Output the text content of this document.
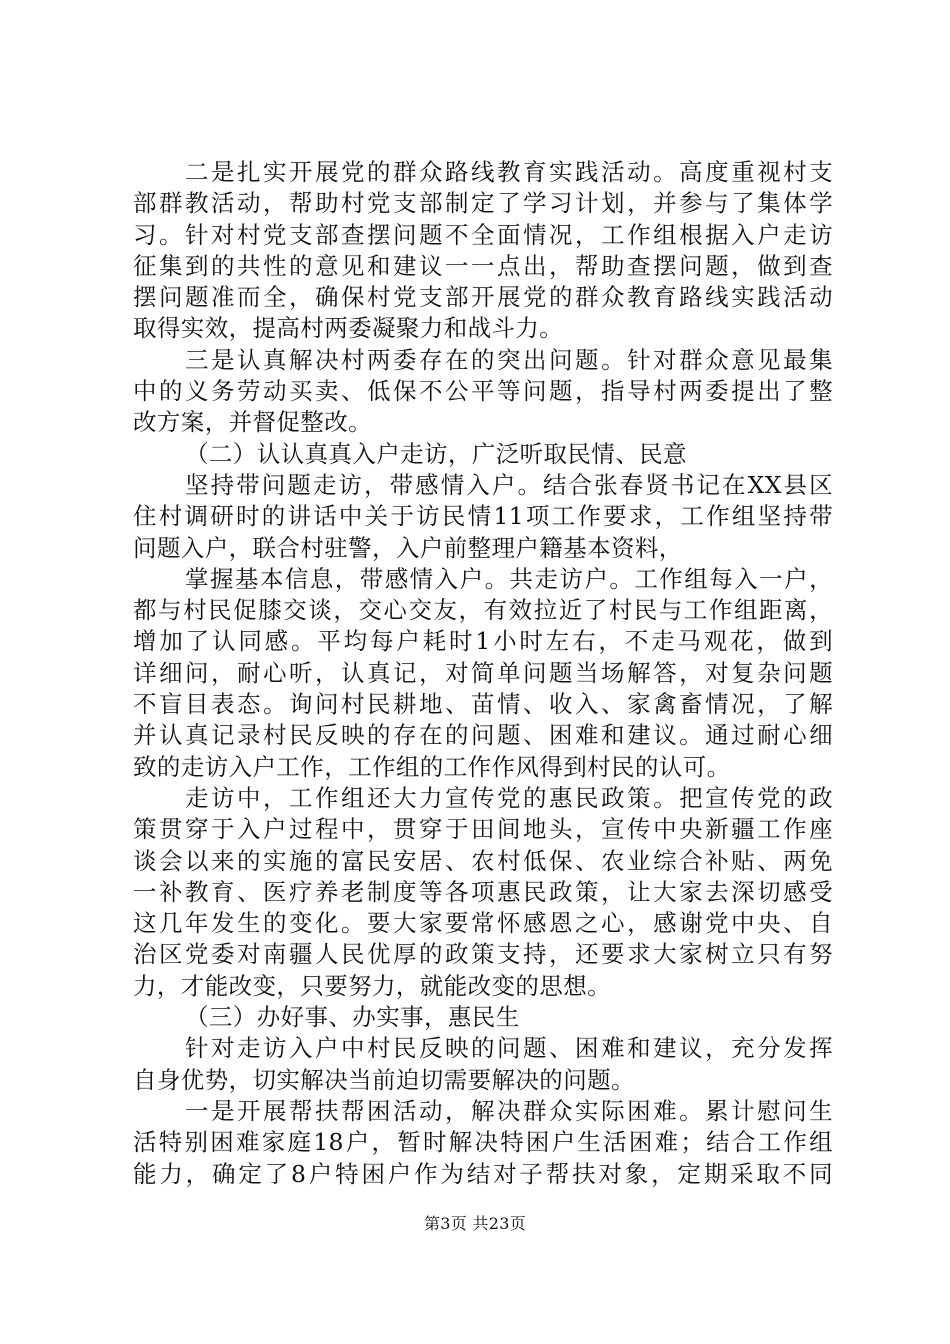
二是扎实开展党的群众路线教育实践活动。高度重视村支
部群教活动，帮助村党支部制定了学习计划，并参与了集体学
习。针对村党支部查摆问题不全面情况，工作组根据入户走访
征集到的共性的意见和建议一一点出，帮助查摆问题，做到查
摆问题准而全，确保村党支部开展党的群众教育路线实践活动
取得实效，提高村两委凝聚力和战斗力。
三是认真解决村两委存在的突出问题。针对群众意见最集
中的义务劳动买卖、低保不公平等问题，指导村两委提出了整
改方案，并督促整改。
（二）认认真真入户走访，广泛听取民情、民意
坚持带问题走访，带感情入户。结合张春贤书记在XX县区
住村调研时的讲话中关于访民情11项工作要求，工作组坚持带
问题入户，联合村驻警，入户前整理户籍基本资料，
掌握基本信息，带感情入户。共走访户。工作组每入一户，
都与村民促膝交谈，交心交友，有效拉近了村民与工作组距离，
增加了认同感。平均每户耗时1小时左右，不走马观花，做到
详细问，耐心听，认真记，对简单问题当场解答，对复杂问题
不盲目表态。询问村民耕地、苗情、收入、家禽畜情况，了解
并认真记录村民反映的存在的问题、困难和建议。通过耐心细
致的走访入户工作，工作组的工作作风得到村民的认可。
走访中，工作组还大力宣传党的惠民政策。把宣传党的政
策贯穿于入户过程中，贯穿于田间地头，宣传中央新疆工作座
谈会以来的实施的富民安居、农村低保、农业综合补贴、两免
一补教育、医疗养老制度等各项惠民政策，让大家去深切感受
这几年发生的变化。要大家要常怀感恩之心，感谢党中央、自
治区党委对南疆人民优厚的政策支持，还要求大家树立只有努
力，才能改变，只要努力，就能改变的思想。
（三）办好事、办实事，惠民生
针对走访入户中村民反映的问题、困难和建议，充分发挥
自身优势，切实解决当前迫切需要解决的问题。
一是开展帮扶帮困活动，解决群众实际困难。累计慰问生
活特别困难家庭18户，暂时解决特困户生活困难；结合工作组
能力，确定了8户特困户作为结对子帮扶对象，定期采取不同
第3页 共23页
